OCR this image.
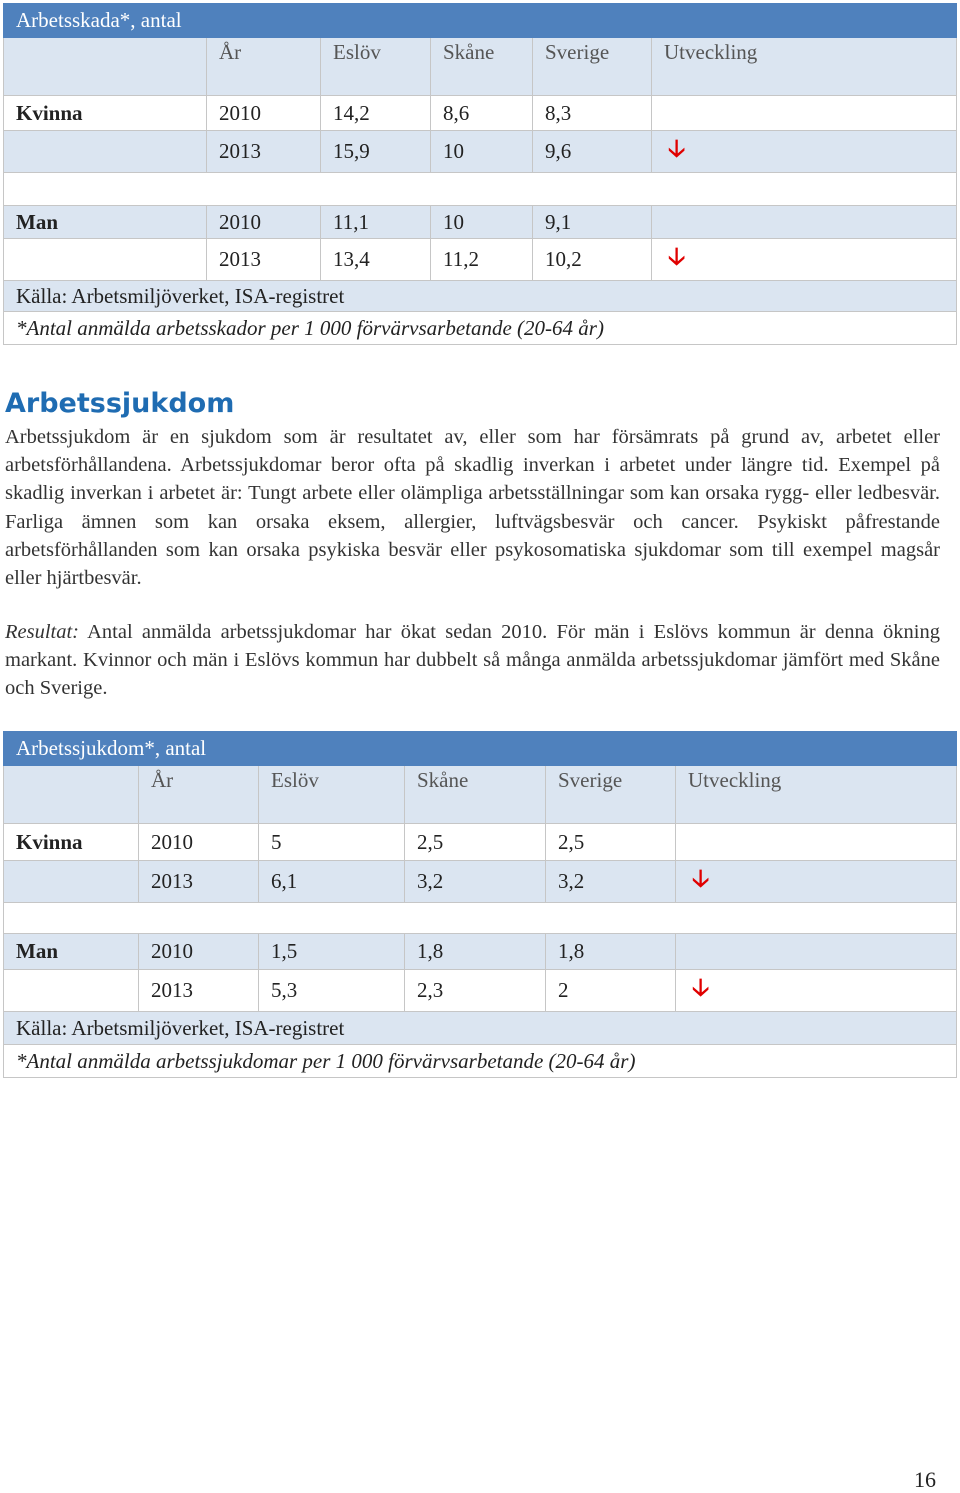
Arbetsskada*, antal					
	År	Eslöv	Skåne	Sverige	Utveckling
Kvinna	2010	14,2	8,6	8,3	
	2013	15,9	10	9,6	🡣

Man	2010	11,1	10	9,1	
	2013	13,4	11,2	10,2	🡣
Källa: Arbetsmiljöverket, ISA-registret					
*Antal anmälda arbetsskador per 1 000 förvärvsarbetande (20-64 år)					
Arbetssjukdom

Arbetssjukdom är en sjukdom som är resultatet av, eller som har försämrats på grund av, arbetet eller arbetsförhållandena. Arbetssjukdomar beror ofta på skadlig inverkan i arbetet under längre tid. Exempel på skadlig inverkan i arbetet är: Tungt arbete eller olämpliga arbetsställningar som kan orsaka rygg- eller ledbesvär. Farliga ämnen som kan orsaka eksem, allergier, luftvägsbesvär och cancer. Psykiskt påfrestande arbetsförhållanden som kan orsaka psykiska besvär eller psykosomatiska sjukdomar som till exempel magsår eller hjärtbesvär.

Resultat: Antal anmälda arbetssjukdomar har ökat sedan 2010. För män i Eslövs kommun är denna ökning markant. Kvinnor och män i Eslövs kommun har dubbelt så många anmälda arbetssjukdomar jämfört med Skåne och Sverige.

Arbetssjukdom*, antal					
	År	Eslöv	Skåne	Sverige	Utveckling
Kvinna	2010	5	2,5	2,5	
	2013	6,1	3,2	3,2	🡣

Man	2010	1,5	1,8	1,8	
	2013	5,3	2,3	2	🡣
Källa: Arbetsmiljöverket, ISA-registret					
*Antal anmälda arbetssjukdomar per 1 000 förvärvsarbetande (20-64 år)					
16
